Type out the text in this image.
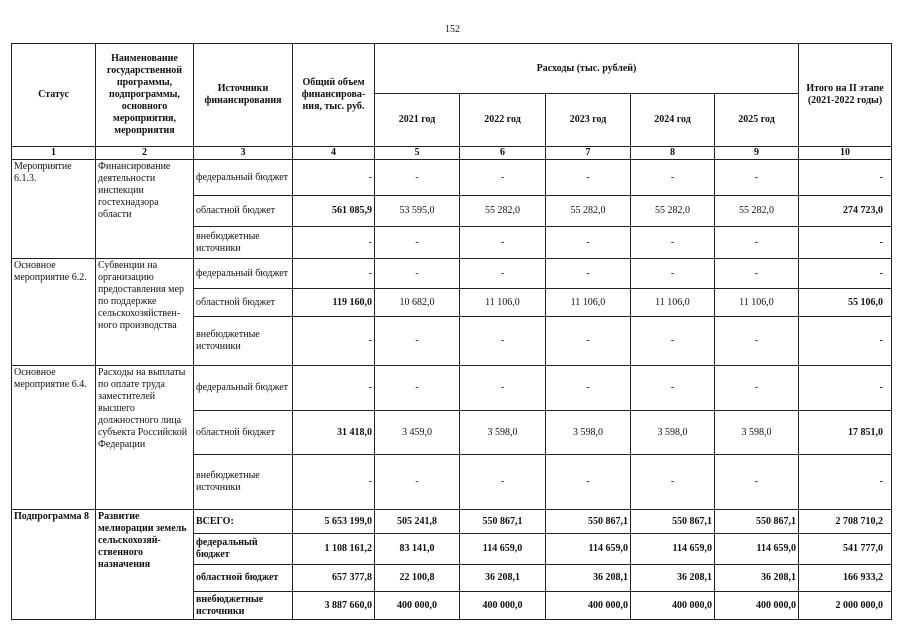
152
Статус	Наименование государственной программы, подпрограммы, основного мероприятия, мероприятия	Источники финансирования	Общий объем финансирова-ния, тыс. руб.	Расходы (тыс. рублей)					Итого на II этапе (2021-2022 годы)
				2021 год	2022 год	2023 год	2024 год	2025 год	
1	2	3	4	5	6	7	8	9	10
Мероприятие 6.1.3.	Финансирование деятельности инспекции гостехнадзора области	федеральный бюджет	-	-	-	-	-	-	-
		областной бюджет	561 085,9	53 595,0	55 282,0	55 282,0	55 282,0	55 282,0	274 723,0
		внебюджетные источники	-	-	-	-	-	-	-
Основное мероприятие 6.2.	Субвенции на организацию предоставления мер по поддержке сельскохозяйствен-ного производства	федеральный бюджет	-	-	-	-	-	-	-
		областной бюджет	119 160,0	10 682,0	11 106,0	11 106,0	11 106,0	11 106,0	55 106,0
		внебюджетные источники	-	-	-	-	-	-	-
Основное мероприятие 6.4.	Расходы на выплаты по оплате труда заместителей высшего должностного лица субъекта Российской Федерации	федеральный бюджет	-	-	-	-	-	-	-
		областной бюджет	31 418,0	3 459,0	3 598,0	3 598,0	3 598,0	3 598,0	17 851,0
		внебюджетные источники	-	-	-	-	-	-	-
Подпрограмма 8	Развитие мелиорации земель сельскохозяй-ственного назначения	ВСЕГО:	5 653 199,0	505 241,8	550 867,1	550 867,1	550 867,1	550 867,1	2 708 710,2
		федеральный бюджет	1 108 161,2	83 141,0	114 659,0	114 659,0	114 659,0	114 659,0	541 777,0
		областной бюджет	657 377,8	22 100,8	36 208,1	36 208,1	36 208,1	36 208,1	166 933,2
		внебюджетные источники	3 887 660,0	400 000,0	400 000,0	400 000,0	400 000,0	400 000,0	2 000 000,0
